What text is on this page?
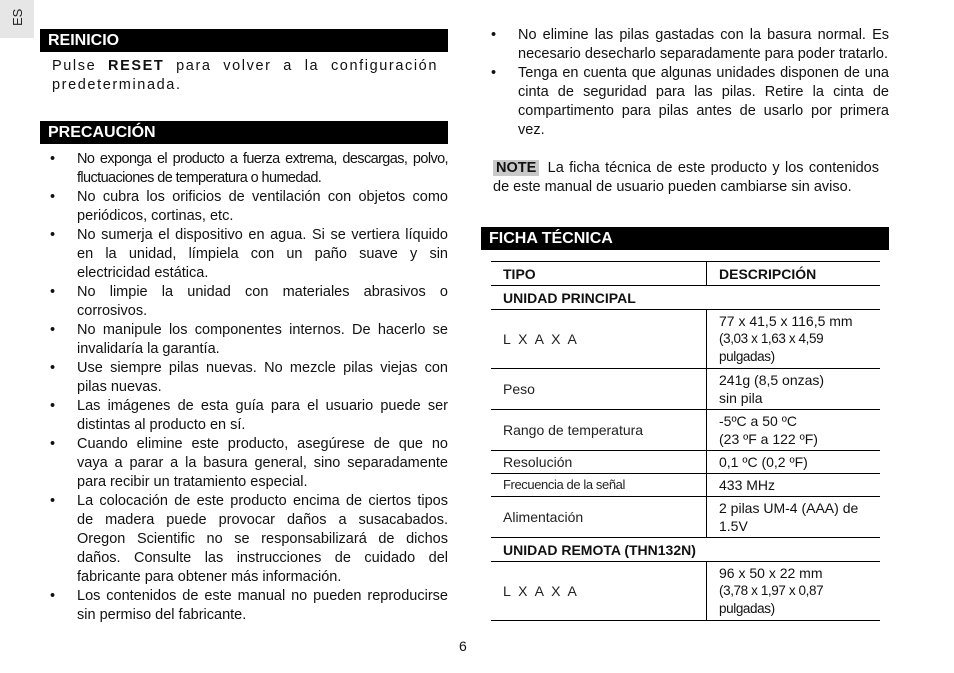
ES
REINICIO

Pulse RESET para volver a la configuración predeterminada.

PRECAUCIÓN
• No exponga el producto a fuerza extrema, descargas, polvo, fluctuaciones de temperatura o humedad.
• No cubra los orificios de ventilación con objetos como periódicos, cortinas, etc.
• No sumerja el dispositivo en agua. Si se vertiera líquido en la unidad, límpiela con un paño suave y sin electricidad estática.
• No limpie la unidad con materiales abrasivos o corrosivos.
• No manipule los componentes internos. De hacerlo se invalidaría la garantía.
• Use siempre pilas nuevas. No mezcle pilas viejas con pilas nuevas.
• Las imágenes de esta guía para el usuario puede ser distintas al producto en sí.
• Cuando elimine este producto, asegúrese de que no vaya a parar a la basura general, sino separadamente para recibir un tratamiento especial.
• La colocación de este producto encima de ciertos tipos de madera puede provocar daños a susacabados. Oregon Scientific no se responsabilizará de dichos daños. Consulte las instrucciones de cuidado del fabricante para obtener más información.
• Los contenidos de este manual no pueden reproducirse sin permiso del fabricante.
• No elimine las pilas gastadas con la basura normal. Es necesario desecharlo separadamente para poder tratarlo.
• Tenga en cuenta que algunas unidades disponen de una cinta de seguridad para las pilas. Retire la cinta de compartimento para pilas antes de usarlo por primera vez.

NOTE La ficha técnica de este producto y los contenidos de este manual de usuario pueden cambiarse sin aviso.

FICHA TÉCNICA
TIPO	DESCRIPCIÓN
UNIDAD PRINCIPAL	
L X A X A	77 x 41,5 x 116,5 mm
(3,03 x 1,63 x 4,59 pulgadas)

Peso	241g (8,5 onzas)
sin pila

Rango de temperatura	-5ºC a 50 ºC
(23 ºF a 122 ºF)

Resolución	0,1 ºC (0,2 ºF)
Frecuencia de la señal	433 MHz
Alimentación	2 pilas UM-4 (AAA) de 1.5V
UNIDAD REMOTA (THN132N)	
L X A X A	96 x 50 x 22 mm
(3,78 x 1,97 x 0,87 pulgadas)
6
